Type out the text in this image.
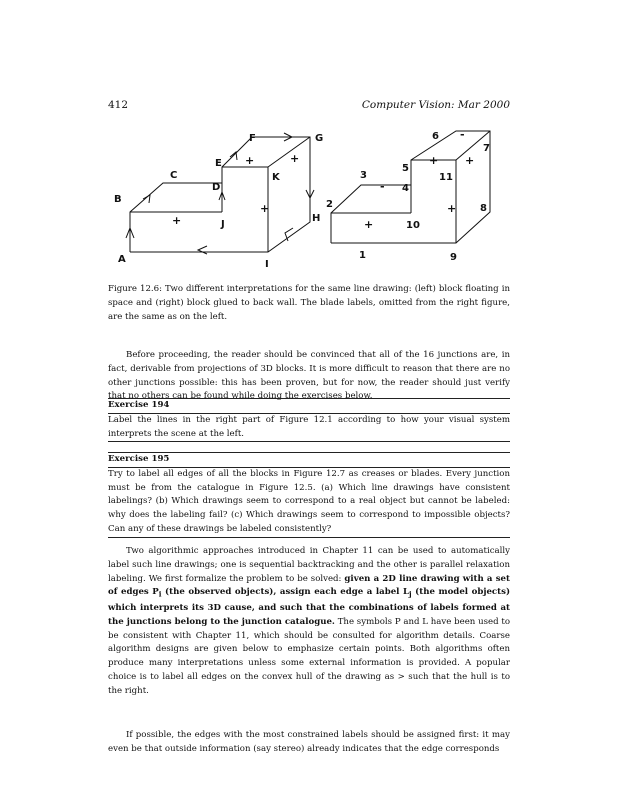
412	Computer Vision: Mar 2000
A
B
C
D
E
F	G
H
I
J
K
+
+	+
+
1
2
3
4
5
6
7
8
9
10
11
+
+ +
+
-
-
Figure 12.6: Two different interpretations for the same line drawing: (left) block floating in space and (right) block glued to back wall. The blade labels, omitted from the right figure, are the same as on the left.
Before proceeding, the reader should be convinced that all of the 16 junctions are, in fact, derivable from projections of 3D blocks. It is more difficult to reason that there are no other junctions possible: this has been proven, but for now, the reader should just verify that no others can be found while doing the exercises below.
Exercise 194
Label the lines in the right part of Figure 12.1 according to how your visual system interprets the scene at the left.
Exercise 195
Try to label all edges of all the blocks in Figure 12.7 as creases or blades. Every junction must be from the catalogue in Figure 12.5. (a) Which line drawings have consistent labelings? (b) Which drawings seem to correspond to a real object but cannot be labeled: why does the labeling fail? (c) Which drawings seem to correspond to impossible objects? Can any of these drawings be labeled consistently?
Two algorithmic approaches introduced in Chapter 11 can be used to automatically label such line drawings; one is sequential backtracking and the other is parallel relaxation labeling. We first formalize the problem to be solved: given a 2D line drawing with a set of edges $P_i$ (the observed objects), assign each edge a label $L_j$ (the model objects) which interprets its 3D cause, and such that the combinations of labels formed at the junctions belong to the junction catalogue. The symbols P and L have been used to be consistent with Chapter 11, which should be consulted for algorithm details. Coarse algorithm designs are given below to emphasize certain points. Both algorithms often produce many interpretations unless some external information is provided. A popular choice is to label all edges on the convex hull of the drawing as > such that the hull is to the right.
If possible, the edges with the most constrained labels should be assigned first: it may even be that outside information (say stereo) already indicates that the edge corresponds
